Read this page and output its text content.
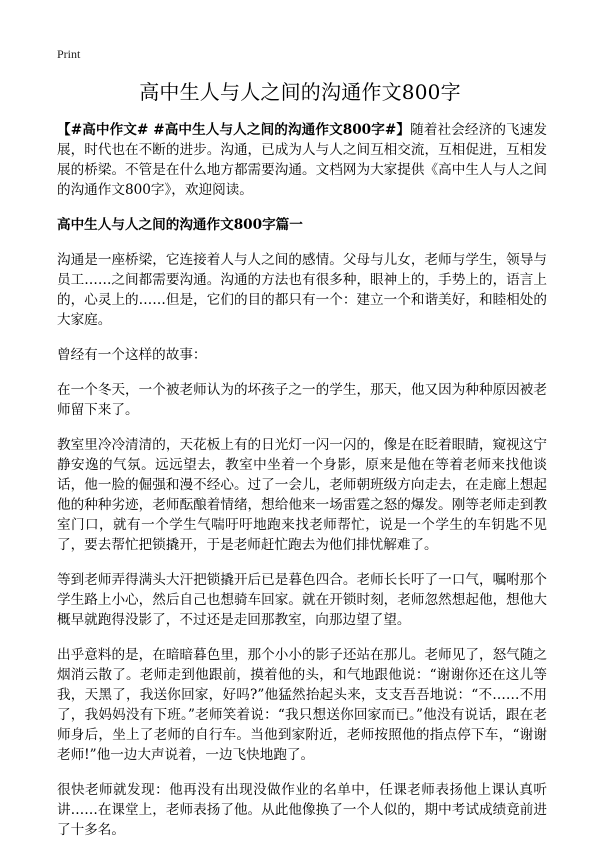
Print
高中生人与人之间的沟通作文800字

【#高中作文# #高中生人与人之间的沟通作文800字#】随着社会经济的飞速发展，时代也在不断的进步。沟通，已成为人与人之间互相交流，互相促进，互相发展的桥梁。不管是在什么地方都需要沟通。文档网为大家提供《高中生人与人之间的沟通作文800字》，欢迎阅读。

高中生人与人之间的沟通作文800字篇一

沟通是一座桥梁，它连接着人与人之间的感情。父母与儿女，老师与学生，领导与员工……之间都需要沟通。沟通的方法也有很多种，眼神上的，手势上的，语言上的，心灵上的……但是，它们的目的都只有一个：建立一个和谐美好，和睦相处的大家庭。

曾经有一个这样的故事：

在一个冬天，一个被老师认为的坏孩子之一的学生，那天，他又因为种种原因被老师留下来了。

教室里冷冷清清的，天花板上有的日光灯一闪一闪的，像是在眨着眼睛，窥视这宁静安逸的气氛。远远望去，教室中坐着一个身影，原来是他在等着老师来找他谈话，他一脸的倔强和漫不经心。过了一会儿，老师朝班级方向走去，在走廊上想起他的种种劣迹，老师酝酿着情绪，想给他来一场雷霆之怒的爆发。刚等老师走到教室门口，就有一个学生气喘吁吁地跑来找老师帮忙，说是一个学生的车钥匙不见了，要去帮忙把锁撬开，于是老师赶忙跑去为他们排忧解难了。

等到老师弄得满头大汗把锁撬开后已是暮色四合。老师长长吁了一口气，嘱咐那个学生路上小心，然后自己也想骑车回家。就在开锁时刻，老师忽然想起他，想他大概早就跑得没影了，不过还是走回那教室，向那边望了望。

出乎意料的是，在暗暗暮色里，那个小小的影子还站在那儿。老师见了，怒气随之烟消云散了。老师走到他跟前，摸着他的头，和气地跟他说：“谢谢你还在这儿等我，天黑了，我送你回家，好吗?”他猛然抬起头来，支支吾吾地说：“不……不用了，我妈妈没有下班。”老师笑着说：“我只想送你回家而已。”他没有说话，跟在老师身后，坐上了老师的自行车。当他到家附近，老师按照他的指点停下车，“谢谢老师!”他一边大声说着，一边飞快地跑了。

很快老师就发现：他再没有出现没做作业的名单中，任课老师表扬他上课认真听讲……在课堂上，老师表扬了他。从此他像换了一个人似的，期中考试成绩竟前进了十多名。
